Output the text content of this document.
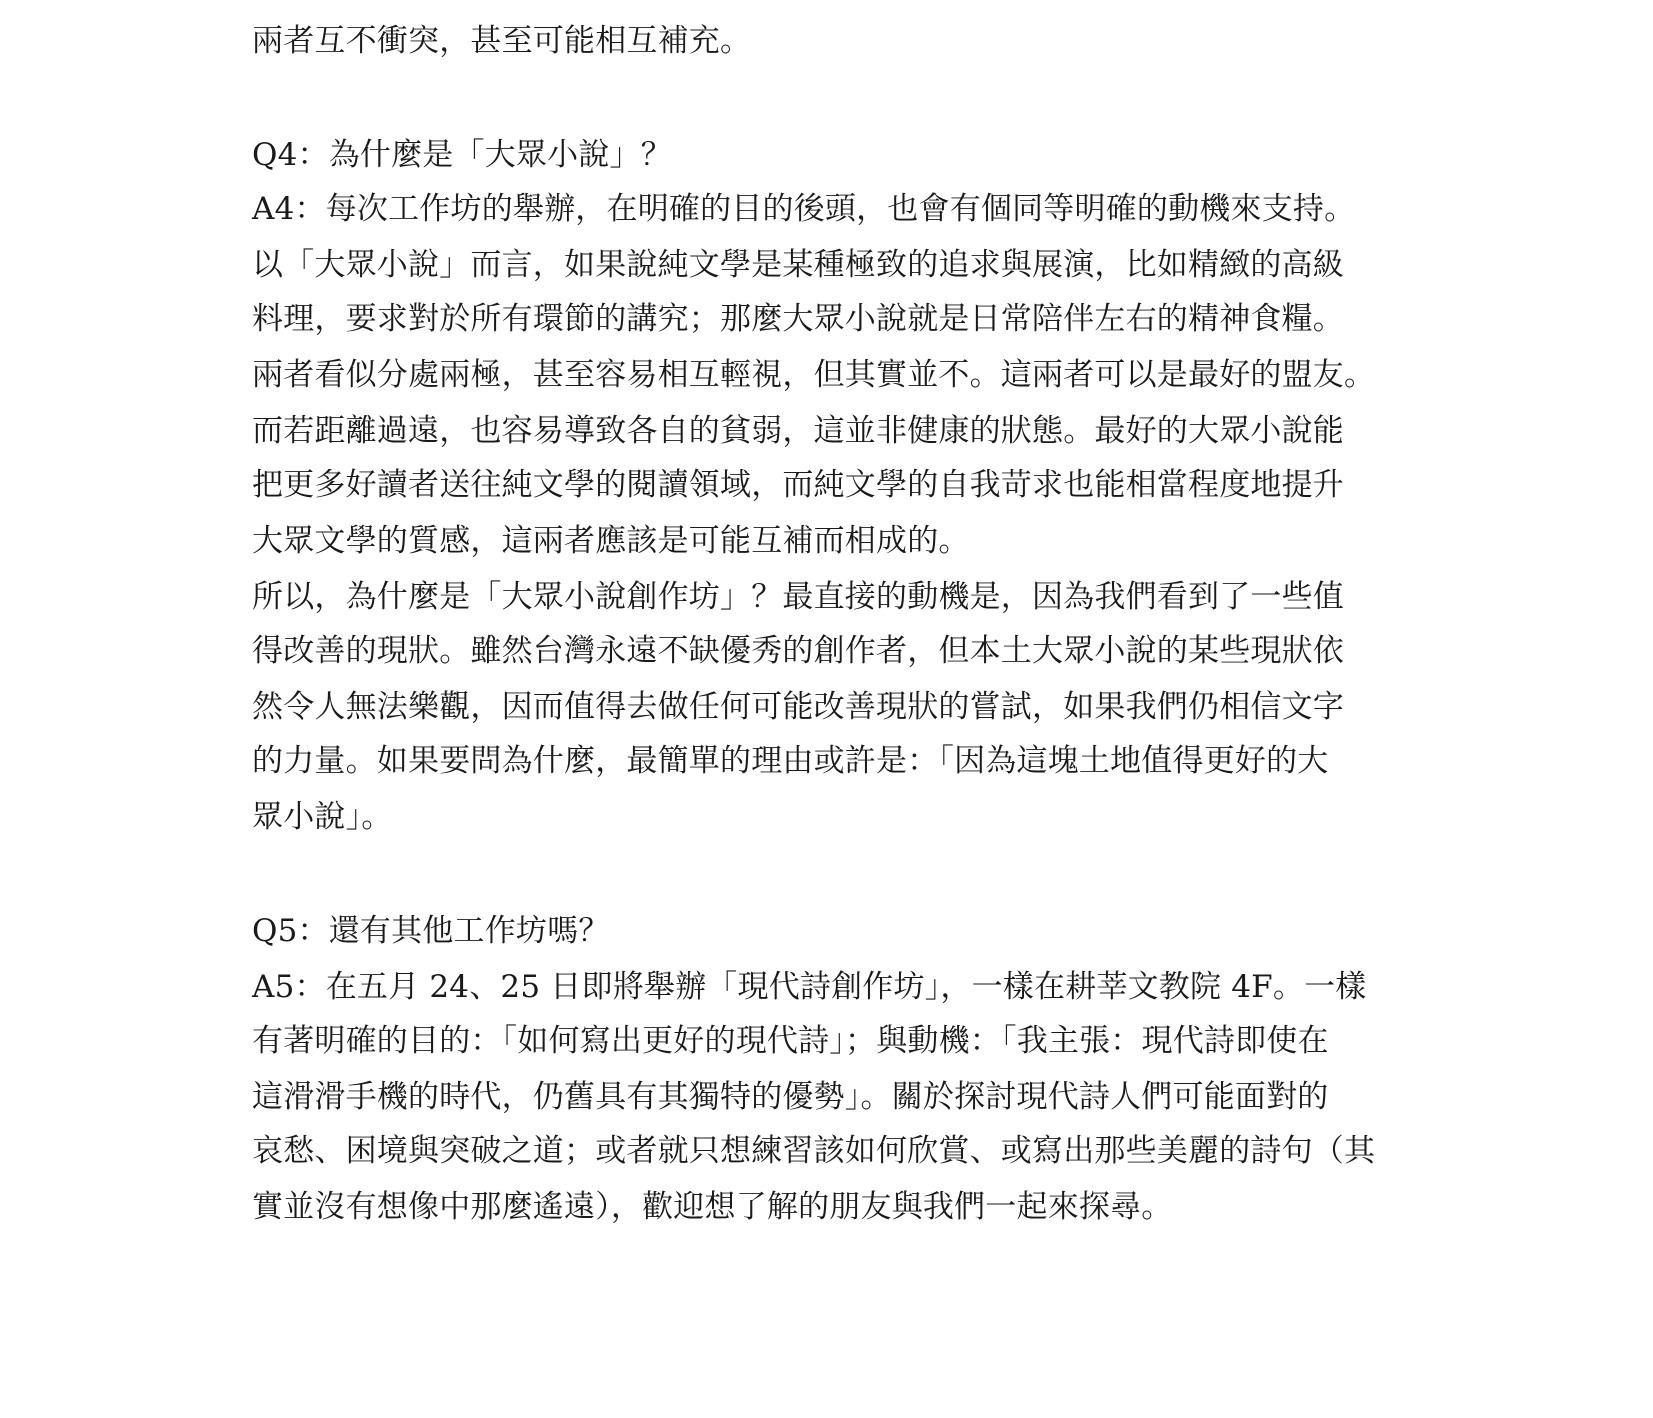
兩者互不衝突，甚至可能相互補充。
Q4：為什麼是「大眾小說」？
A4：每次工作坊的舉辦，在明確的目的後頭，也會有個同等明確的動機來支持。
以「大眾小說」而言，如果說純文學是某種極致的追求與展演，比如精緻的高級
料理，要求對於所有環節的講究；那麼大眾小說就是日常陪伴左右的精神食糧。
兩者看似分處兩極，甚至容易相互輕視，但其實並不。這兩者可以是最好的盟友。
而若距離過遠，也容易導致各自的貧弱，這並非健康的狀態。最好的大眾小說能
把更多好讀者送往純文學的閱讀領域，而純文學的自我苛求也能相當程度地提升
大眾文學的質感，這兩者應該是可能互補而相成的。
所以，為什麼是「大眾小說創作坊」？最直接的動機是，因為我們看到了一些值
得改善的現狀。雖然台灣永遠不缺優秀的創作者，但本土大眾小說的某些現狀依
然令人無法樂觀，因而值得去做任何可能改善現狀的嘗試，如果我們仍相信文字
的力量。如果要問為什麼，最簡單的理由或許是：「因為這塊土地值得更好的大
眾小說」。
Q5：還有其他工作坊嗎？
A5：在五月 24、25 日即將舉辦「現代詩創作坊」，一樣在耕莘文教院 4F。一樣
有著明確的目的：「如何寫出更好的現代詩」；與動機：「我主張：現代詩即使在
這滑滑手機的時代，仍舊具有其獨特的優勢」。關於探討現代詩人們可能面對的
哀愁、困境與突破之道；或者就只想練習該如何欣賞、或寫出那些美麗的詩句（其
實並沒有想像中那麼遙遠），歡迎想了解的朋友與我們一起來探尋。
